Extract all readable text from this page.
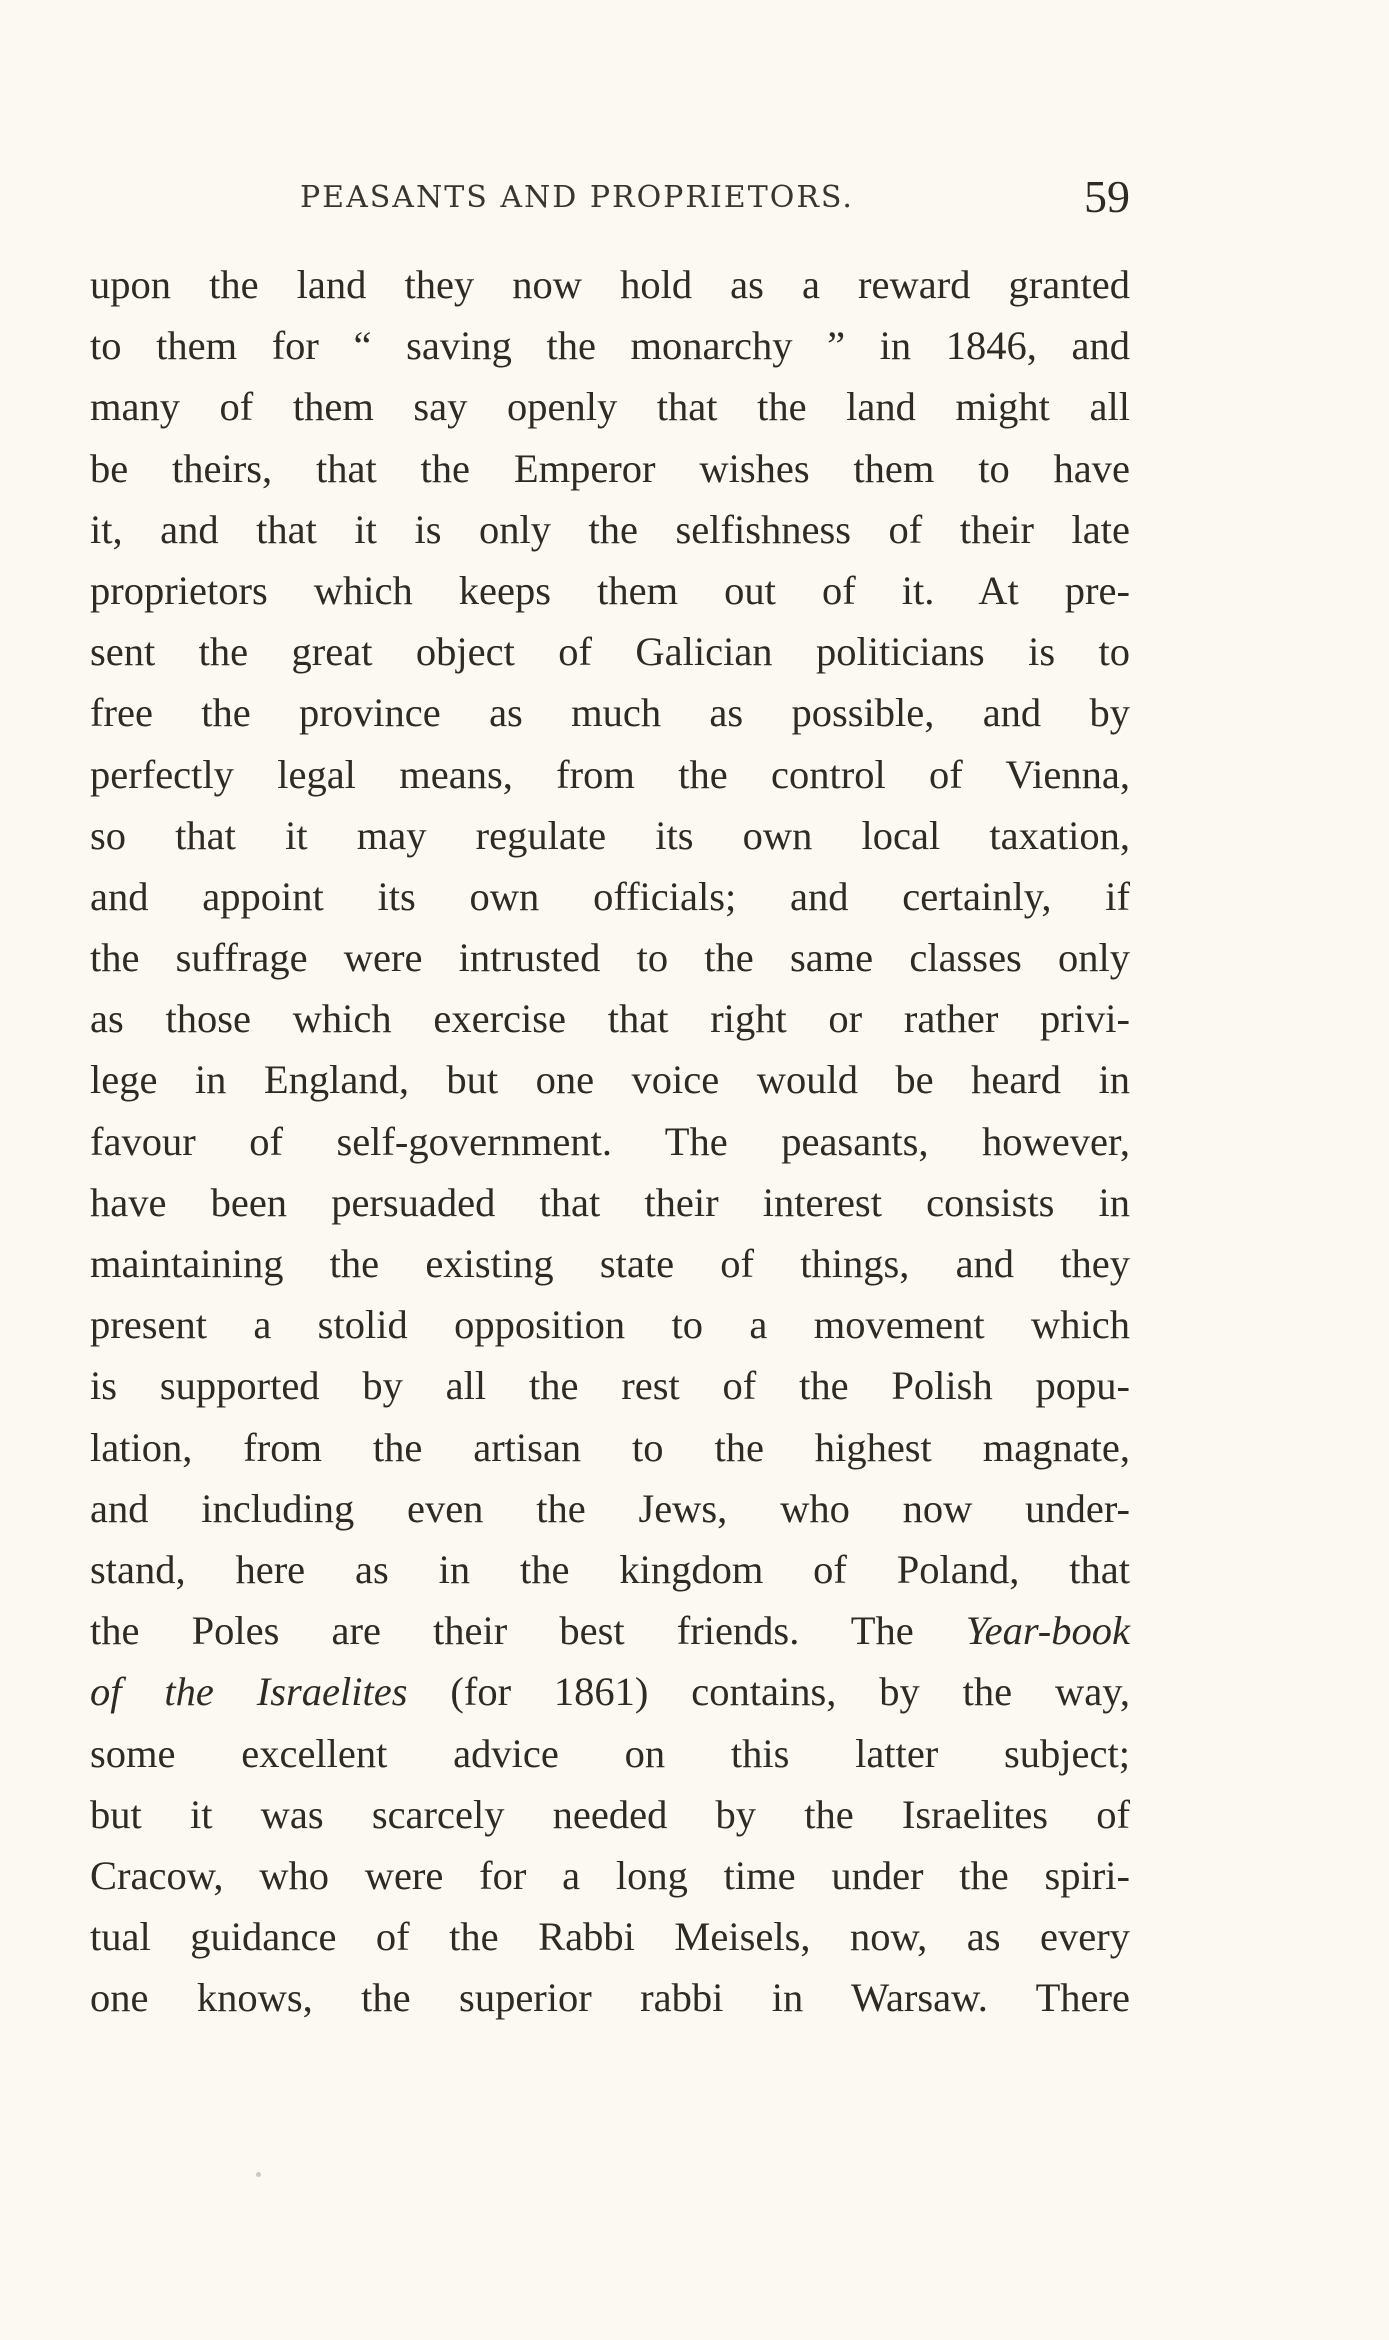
PEASANTS AND PROPRIETORS.	59
upon the land they now hold as a reward granted
to them for “ saving the monarchy ” in 1846, and
many of them say openly that the land might all
be theirs, that the Emperor wishes them to have
it, and that it is only the selfishness of their late
proprietors which keeps them out of it. At pre-
sent the great object of Galician politicians is to
free the province as much as possible, and by
perfectly legal means, from the control of Vienna,
so that it may regulate its own local taxation,
and appoint its own officials; and certainly, if
the suffrage were intrusted to the same classes only
as those which exercise that right or rather privi-
lege in England, but one voice would be heard in
favour of self-government. The peasants, however,
have been persuaded that their interest consists in
maintaining the existing state of things, and they
present a stolid opposition to a movement which
is supported by all the rest of the Polish popu-
lation, from the artisan to the highest magnate,
and including even the Jews, who now under-
stand, here as in the kingdom of Poland, that
the Poles are their best friends. The Year-book
of the Israelites (for 1861) contains, by the way,
some excellent advice on this latter subject;
but it was scarcely needed by the Israelites of
Cracow, who were for a long time under the spiri-
tual guidance of the Rabbi Meisels, now, as every
one knows, the superior rabbi in Warsaw. There
